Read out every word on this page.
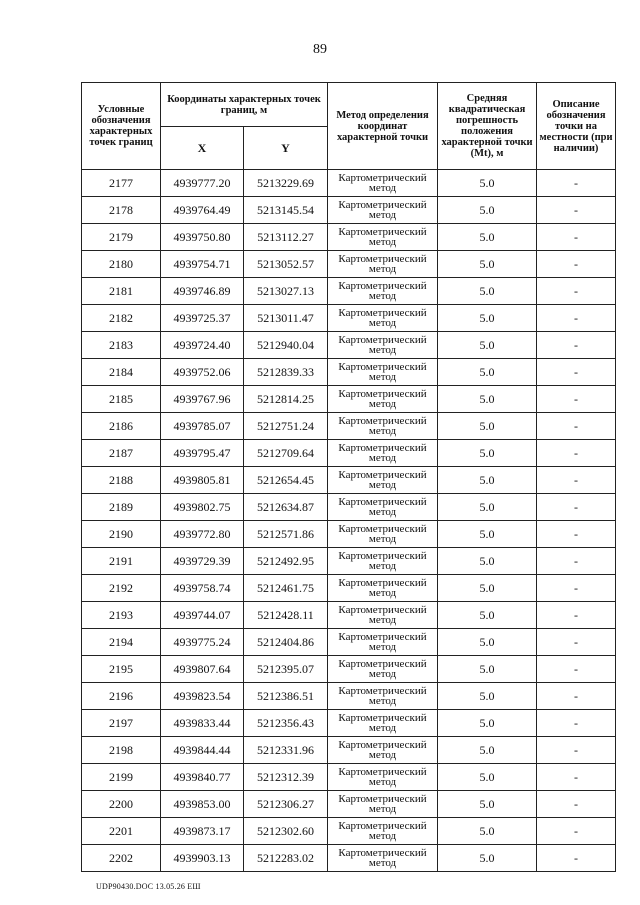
89
Условные обозначения характерных точек границ	Координаты характерных точек границ, м		Метод определения координат характерной точки	Средняя квадратическая погрешность положения характерной точки (Mt), м	Описание обозначения точки на местности (при наличии)
	X	Y			
2177	4939777.20	5213229.69	Картометрический метод	5.0	-
2178	4939764.49	5213145.54	Картометрический метод	5.0	-
2179	4939750.80	5213112.27	Картометрический метод	5.0	-
2180	4939754.71	5213052.57	Картометрический метод	5.0	-
2181	4939746.89	5213027.13	Картометрический метод	5.0	-
2182	4939725.37	5213011.47	Картометрический метод	5.0	-
2183	4939724.40	5212940.04	Картометрический метод	5.0	-
2184	4939752.06	5212839.33	Картометрический метод	5.0	-
2185	4939767.96	5212814.25	Картометрический метод	5.0	-
2186	4939785.07	5212751.24	Картометрический метод	5.0	-
2187	4939795.47	5212709.64	Картометрический метод	5.0	-
2188	4939805.81	5212654.45	Картометрический метод	5.0	-
2189	4939802.75	5212634.87	Картометрический метод	5.0	-
2190	4939772.80	5212571.86	Картометрический метод	5.0	-
2191	4939729.39	5212492.95	Картометрический метод	5.0	-
2192	4939758.74	5212461.75	Картометрический метод	5.0	-
2193	4939744.07	5212428.11	Картометрический метод	5.0	-
2194	4939775.24	5212404.86	Картометрический метод	5.0	-
2195	4939807.64	5212395.07	Картометрический метод	5.0	-
2196	4939823.54	5212386.51	Картометрический метод	5.0	-
2197	4939833.44	5212356.43	Картометрический метод	5.0	-
2198	4939844.44	5212331.96	Картометрический метод	5.0	-
2199	4939840.77	5212312.39	Картометрический метод	5.0	-
2200	4939853.00	5212306.27	Картометрический метод	5.0	-
2201	4939873.17	5212302.60	Картометрический метод	5.0	-
2202	4939903.13	5212283.02	Картометрический метод	5.0	-
UDP90430.DOC 13.05.26 ЕШ
